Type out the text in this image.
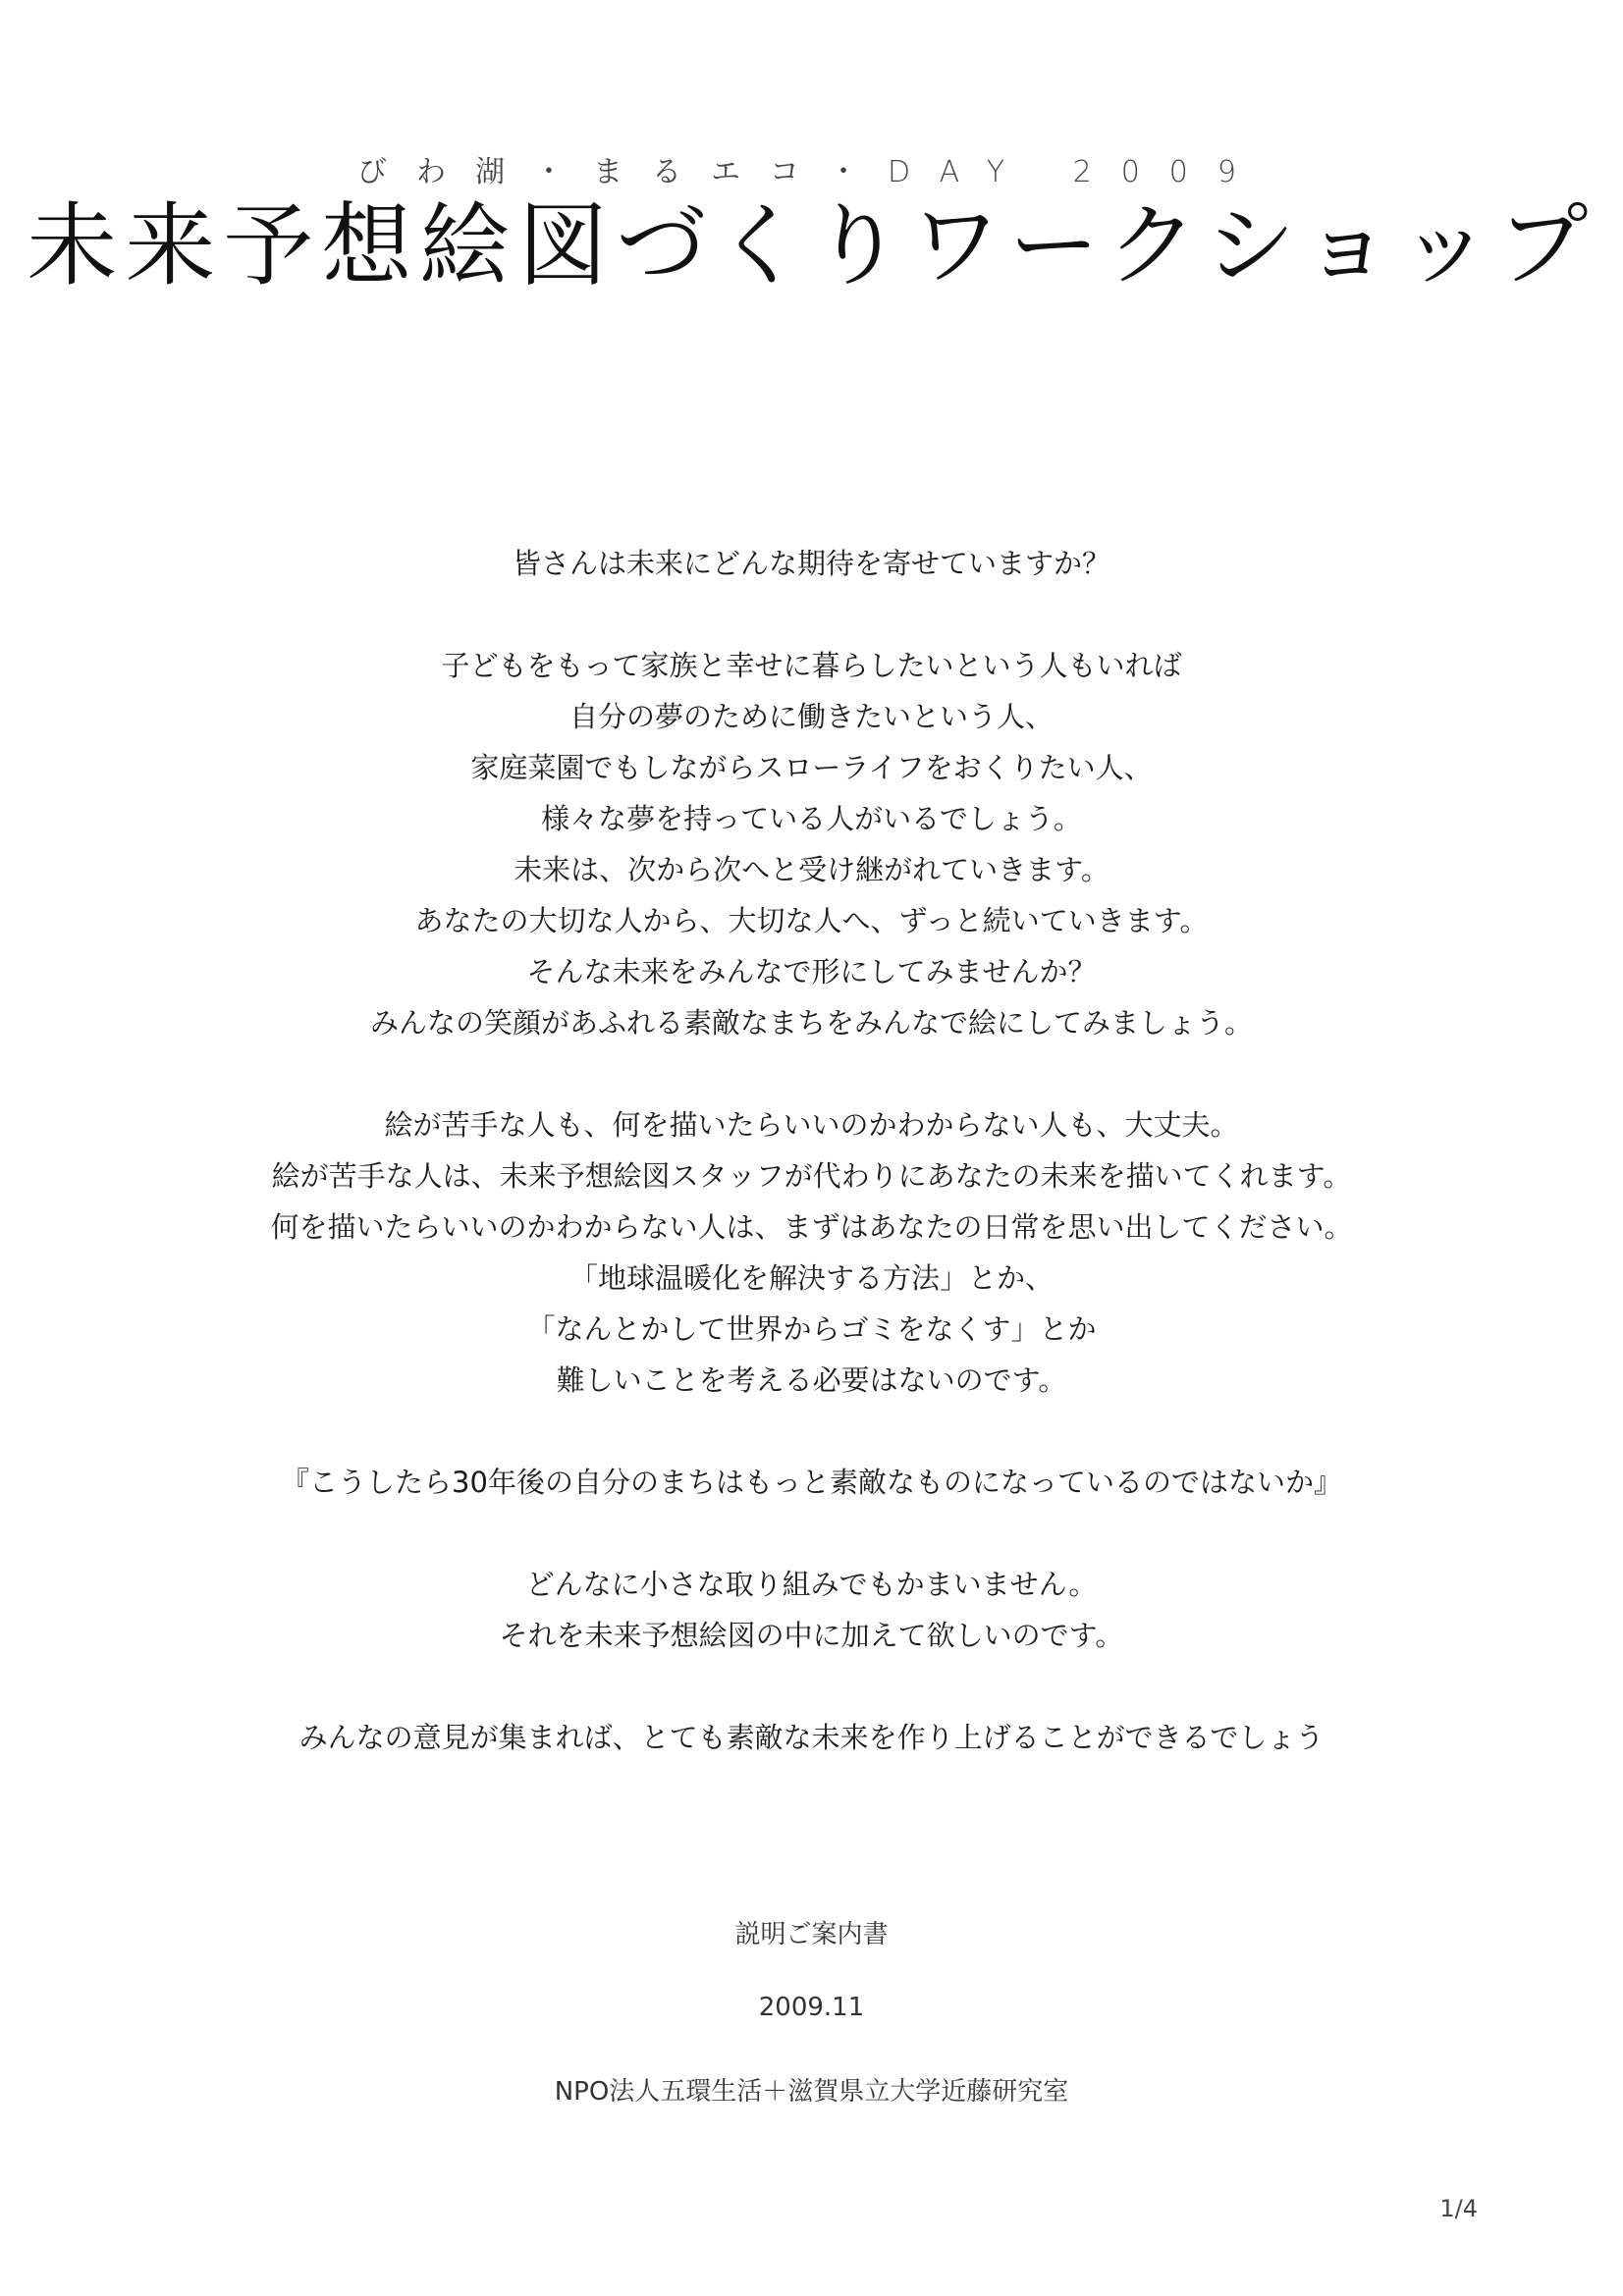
びわ湖・まるエコ・DAY 2009
未来予想絵図づくりワークショップ
皆さんは未来にどんな期待を寄せていますか？
子どもをもって家族と幸せに暮らしたいという人もいれば
自分の夢のために働きたいという人、
家庭菜園でもしながらスローライフをおくりたい人、
様々な夢を持っている人がいるでしょう。
未来は、次から次へと受け継がれていきます。
あなたの大切な人から、大切な人へ、ずっと続いていきます。
そんな未来をみんなで形にしてみませんか？
みんなの笑顔があふれる素敵なまちをみんなで絵にしてみましょう。
絵が苦手な人も、何を描いたらいいのかわからない人も、大丈夫。
絵が苦手な人は、未来予想絵図スタッフが代わりにあなたの未来を描いてくれます。
何を描いたらいいのかわからない人は、まずはあなたの日常を思い出してください。
「地球温暖化を解決する方法」とか、
「なんとかして世界からゴミをなくす」とか
難しいことを考える必要はないのです。
『こうしたら30年後の自分のまちはもっと素敵なものになっているのではないか』
どんなに小さな取り組みでもかまいません。
それを未来予想絵図の中に加えて欲しいのです。
みんなの意見が集まれば、とても素敵な未来を作り上げることができるでしょう
説明ご案内書
2009.11
NPO法人五環生活＋滋賀県立大学近藤研究室
1/4
